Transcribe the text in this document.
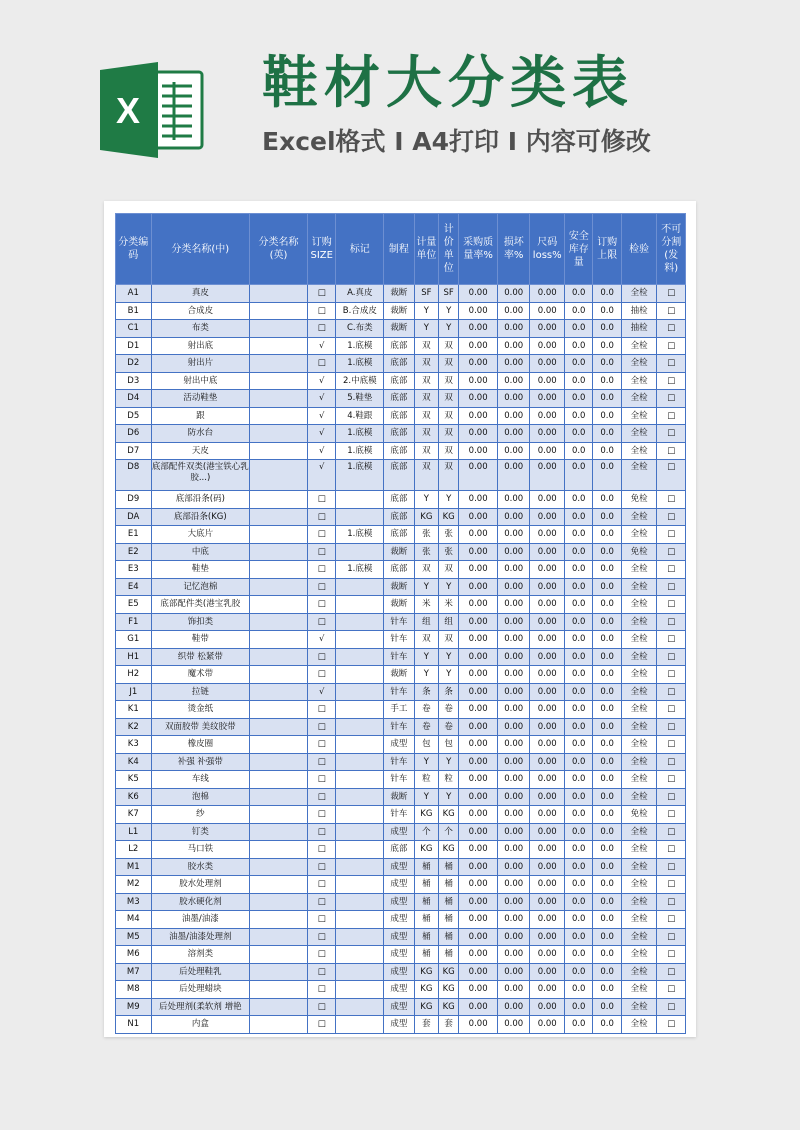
X 鞋材大分类表
Excel格式 I A4打印 I 内容可修改
分类编码	分类名称(中)	分类名称(英)	订购SIZE	标记	制程	计量单位	计价单位	采购质量率%	损坏率%	尺码loss%	安全库存量	订购上限	检验	不可分割(发料)
A1	真皮		□	A.真皮	裁断	SF	SF	0.00	0.00	0.00	0.0	0.0	全检	□
B1	合成皮		□	B.合成皮	裁断	Y	Y	0.00	0.00	0.00	0.0	0.0	抽检	□
C1	布类		□	C.布类	裁断	Y	Y	0.00	0.00	0.00	0.0	0.0	抽检	□
D1	射出底		√	1.底模	底部	双	双	0.00	0.00	0.00	0.0	0.0	全检	□
D2	射出片		□	1.底模	底部	双	双	0.00	0.00	0.00	0.0	0.0	全检	□
D3	射出中底		√	2.中底模	底部	双	双	0.00	0.00	0.00	0.0	0.0	全检	□
D4	活动鞋垫		√	5.鞋垫	底部	双	双	0.00	0.00	0.00	0.0	0.0	全检	□
D5	跟		√	4.鞋跟	底部	双	双	0.00	0.00	0.00	0.0	0.0	全检	□
D6	防水台		√	1.底模	底部	双	双	0.00	0.00	0.00	0.0	0.0	全检	□
D7	天皮		√	1.底模	底部	双	双	0.00	0.00	0.00	0.0	0.0	全检	□
D8	底部配件双类(港宝铁心乳胶...)		√	1.底模	底部	双	双	0.00	0.00	0.00	0.0	0.0	全检	□
D9	底部沿条(码)		□		底部	Y	Y	0.00	0.00	0.00	0.0	0.0	免检	□
DA	底部沿条(KG)		□		底部	KG	KG	0.00	0.00	0.00	0.0	0.0	全检	□
E1	大底片		□	1.底模	底部	张	张	0.00	0.00	0.00	0.0	0.0	全检	□
E2	中底		□		裁断	张	张	0.00	0.00	0.00	0.0	0.0	免检	□
E3	鞋垫		□	1.底模	底部	双	双	0.00	0.00	0.00	0.0	0.0	全检	□
E4	记忆泡棉		□		裁断	Y	Y	0.00	0.00	0.00	0.0	0.0	全检	□
E5	底部配件类(港宝乳胶		□		裁断	米	米	0.00	0.00	0.00	0.0	0.0	全检	□
F1	饰扣类		□		针车	组	组	0.00	0.00	0.00	0.0	0.0	全检	□
G1	鞋带		√		针车	双	双	0.00	0.00	0.00	0.0	0.0	全检	□
H1	织带 松紧带		□		针车	Y	Y	0.00	0.00	0.00	0.0	0.0	全检	□
H2	魔术带		□		裁断	Y	Y	0.00	0.00	0.00	0.0	0.0	全检	□
J1	拉链		√		针车	条	条	0.00	0.00	0.00	0.0	0.0	全检	□
K1	烫金纸		□		手工	卷	卷	0.00	0.00	0.00	0.0	0.0	全检	□
K2	双面胶带 美纹胶带		□		针车	卷	卷	0.00	0.00	0.00	0.0	0.0	全检	□
K3	橡皮圈		□		成型	包	包	0.00	0.00	0.00	0.0	0.0	全检	□
K4	补强 补强带		□		针车	Y	Y	0.00	0.00	0.00	0.0	0.0	全检	□
K5	车线		□		针车	粒	粒	0.00	0.00	0.00	0.0	0.0	全检	□
K6	泡棉		□		裁断	Y	Y	0.00	0.00	0.00	0.0	0.0	全检	□
K7	纱		□		针车	KG	KG	0.00	0.00	0.00	0.0	0.0	免检	□
L1	钉类		□		成型	个	个	0.00	0.00	0.00	0.0	0.0	全检	□
L2	马口铁		□		底部	KG	KG	0.00	0.00	0.00	0.0	0.0	全检	□
M1	胶水类		□		成型	桶	桶	0.00	0.00	0.00	0.0	0.0	全检	□
M2	胶水处理剂		□		成型	桶	桶	0.00	0.00	0.00	0.0	0.0	全检	□
M3	胶水硬化剂		□		成型	桶	桶	0.00	0.00	0.00	0.0	0.0	全检	□
M4	油墨/油漆		□		成型	桶	桶	0.00	0.00	0.00	0.0	0.0	全检	□
M5	油墨/油漆处理剂		□		成型	桶	桶	0.00	0.00	0.00	0.0	0.0	全检	□
M6	溶剂类		□		成型	桶	桶	0.00	0.00	0.00	0.0	0.0	全检	□
M7	后处理鞋乳		□		成型	KG	KG	0.00	0.00	0.00	0.0	0.0	全检	□
M8	后处理蜡块		□		成型	KG	KG	0.00	0.00	0.00	0.0	0.0	全检	□
M9	后处理剂(柔软剂 增艳		□		成型	KG	KG	0.00	0.00	0.00	0.0	0.0	全检	□
N1	内盒		□		成型	套	套	0.00	0.00	0.00	0.0	0.0	全检	□
